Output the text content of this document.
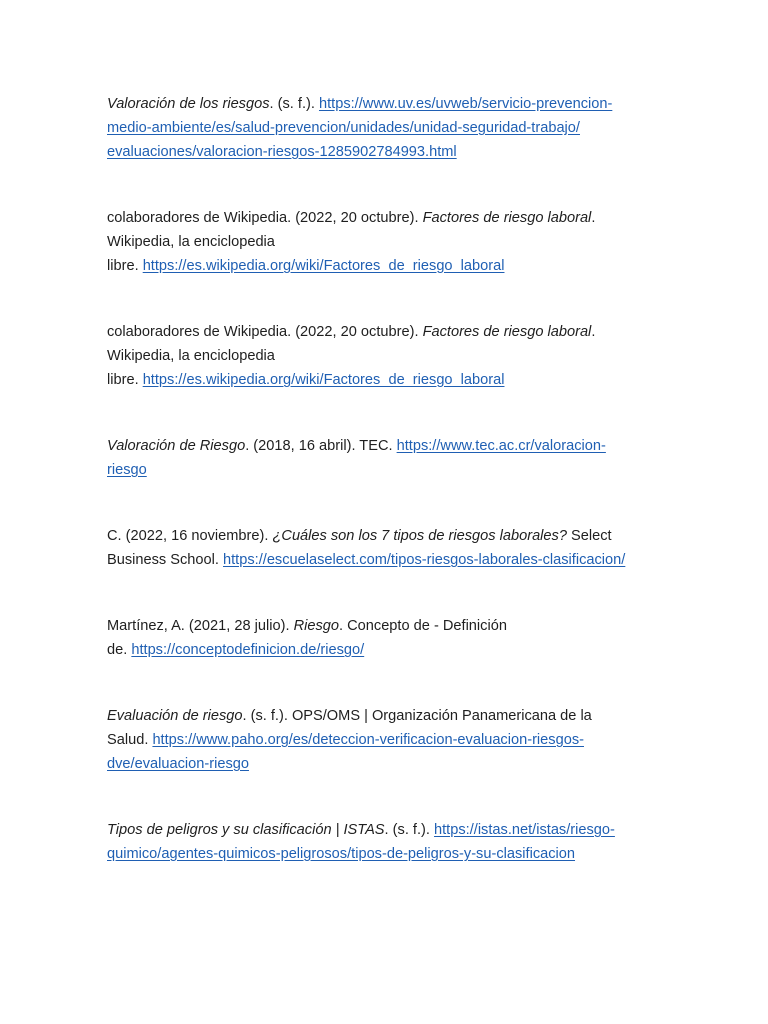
Valoración de los riesgos. (s. f.). https://www.uv.es/uvweb/servicio-prevencion-
medio-ambiente/es/salud-prevencion/unidades/unidad-seguridad-trabajo/
evaluaciones/valoracion-riesgos-1285902784993.html

colaboradores de Wikipedia. (2022, 20 octubre). Factores de riesgo laboral.
Wikipedia, la enciclopedia
libre. https://es.wikipedia.org/wiki/Factores_de_riesgo_laboral

colaboradores de Wikipedia. (2022, 20 octubre). Factores de riesgo laboral.
Wikipedia, la enciclopedia
libre. https://es.wikipedia.org/wiki/Factores_de_riesgo_laboral

Valoración de Riesgo. (2018, 16 abril). TEC. https://www.tec.ac.cr/valoracion-
riesgo

C. (2022, 16 noviembre). ¿Cuáles son los 7 tipos de riesgos laborales? Select
Business School. https://escuelaselect.com/tipos-riesgos-laborales-clasificacion/

Martínez, A. (2021, 28 julio). Riesgo. Concepto de - Definición
de. https://conceptodefinicion.de/riesgo/

Evaluación de riesgo. (s. f.). OPS/OMS | Organización Panamericana de la
Salud. https://www.paho.org/es/deteccion-verificacion-evaluacion-riesgos-
dve/evaluacion-riesgo

Tipos de peligros y su clasificación | ISTAS. (s. f.). https://istas.net/istas/riesgo-
quimico/agentes-quimicos-peligrosos/tipos-de-peligros-y-su-clasificacion
